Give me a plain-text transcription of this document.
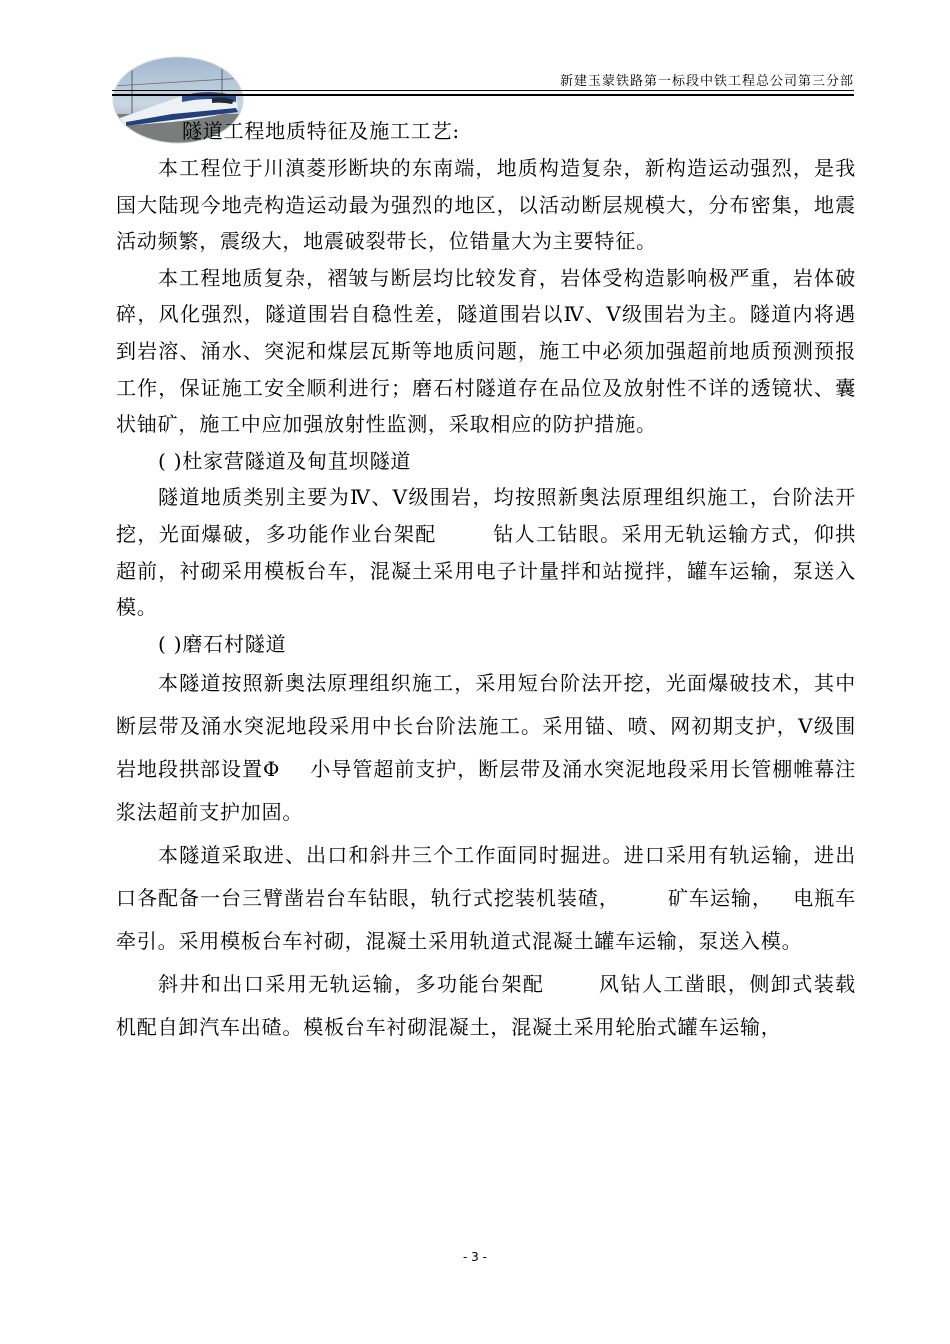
新建玉蒙铁路第一标段中铁工程总公司第三分部

隧道工程地质特征及施工工艺:

本工程位于川滇菱形断块的东南端，地质构造复杂，新构造运动强烈，是我国大陆现今地壳构造运动最为强烈的地区，以活动断层规模大，分布密集，地震活动频繁，震级大，地震破裂带长，位错量大为主要特征。

本工程地质复杂，褶皱与断层均比较发育，岩体受构造影响极严重，岩体破碎，风化强烈，隧道围岩自稳性差，隧道围岩以Ⅳ、Ⅴ级围岩为主。隧道内将遇到岩溶、涌水、突泥和煤层瓦斯等地质问题，施工中必须加强超前地质预测预报工作，保证施工安全顺利进行；磨石村隧道存在品位及放射性不详的透镜状、囊状铀矿，施工中应加强放射性监测，采取相应的防护措施。

( )杜家营隧道及甸苴坝隧道

隧道地质类别主要为Ⅳ、Ⅴ级围岩，均按照新奥法原理组织施工，台阶法开挖，光面爆破，多功能作业台架配	钻人工钻眼。采用无轨运输方式，仰拱超前，衬砌采用模板台车，混凝土采用电子计量拌和站搅拌，罐车运输，泵送入模。

( )磨石村隧道

本隧道按照新奥法原理组织施工，采用短台阶法开挖，光面爆破技术，其中断层带及涌水突泥地段采用中长台阶法施工。采用锚、喷、网初期支护，Ⅴ级围岩地段拱部设置Φ 小导管超前支护，断层带及涌水突泥地段采用长管棚帷幕注浆法超前支护加固。

本隧道采取进、出口和斜井三个工作面同时掘进。进口采用有轨运输，进出口各配备一台三臂凿岩台车钻眼，轨行式挖装机装碴， 矿车运输， 电瓶车牵引。采用模板台车衬砌，混凝土采用轨道式混凝土罐车运输，泵送入模。

斜井和出口采用无轨运输，多功能台架配	风钻人工凿眼，侧卸式装载机配自卸汽车出碴。模板台车衬砌混凝土，混凝土采用轮胎式罐车运输，

- 3 -
